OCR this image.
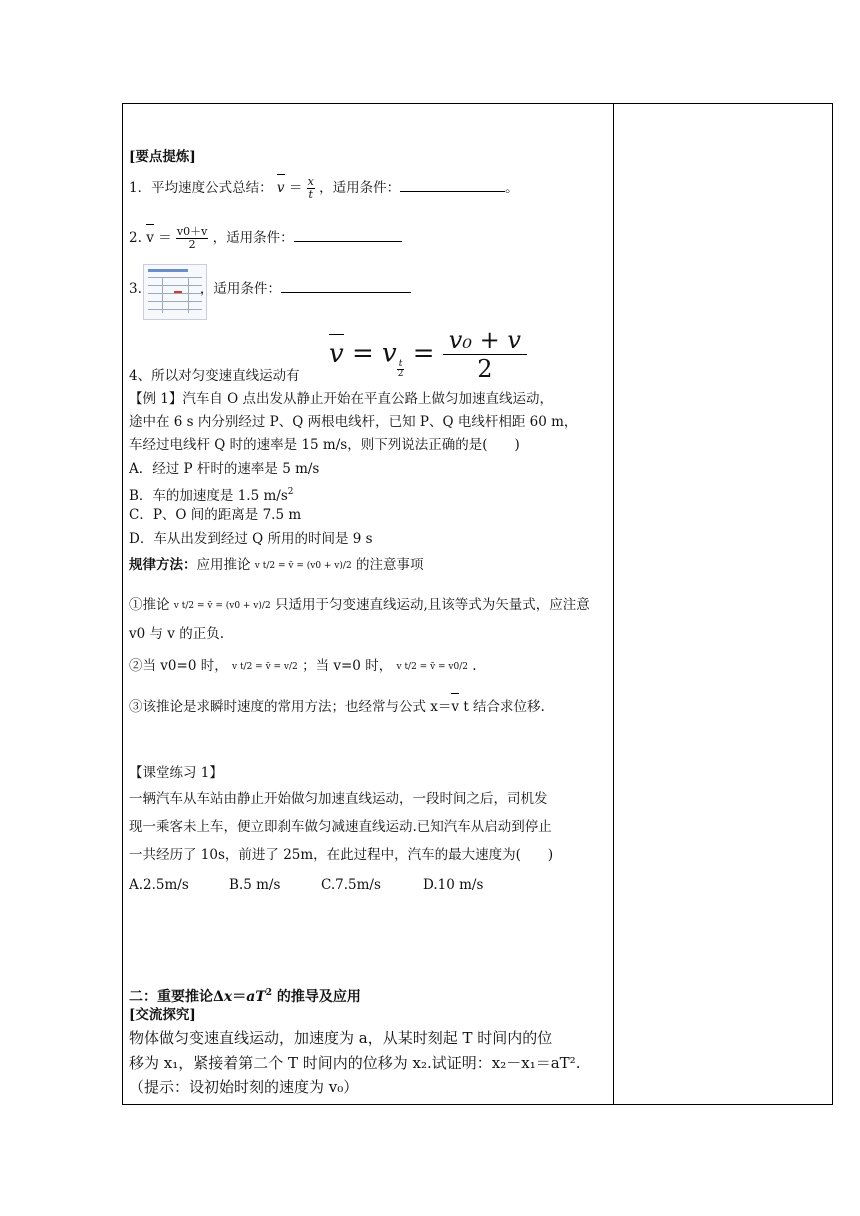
[要点提炼]
1．平均速度公式总结： $v = \frac{x}{t}$ ，适用条件：	。
2. $v = \frac{v0+v}{2}$ ，适用条件：
3.	，适用条件：
v = v
$\frac{t}{2}$
= $\frac{\text{v₀ + v}}{2}$
4、所以对匀变速直线运动有
【例 1】汽车自 O 点出发从静止开始在平直公路上做匀加速直线运动，
途中在 6 s 内分别经过 P、Q 两根电线杆，已知 P、Q 电线杆相距 60 m，
车经过电线杆 Q 时的速率是 15 m/s，则下列说法正确的是(　　)
A．经过 P 杆时的速率是 5 m/s
B．车的加速度是 1.5 $m/s^2$
C．P、O 间的距离是 7.5 m
D．车从出发到经过 Q 所用的时间是 9 s
规律方法：应用推论 v t/2 = v̄ = (v0 + v)/2 的注意事项
①推论 v t/2 = v̄ = (v0 + v)/2 只适用于匀变速直线运动,且该等式为矢量式，应注意
v0 与 v 的正负.
②当 v0=0 时， v t/2 = v̄ = v/2 ；当 v=0 时， v t/2 = v̄ = v0/2 .
③该推论是求瞬时速度的常用方法；也经常与公式 x＝v t 结合求位移.
【课堂练习 1】
一辆汽车从车站由静止开始做匀加速直线运动，一段时间之后，司机发
现一乘客未上车，便立即刹车做匀减速直线运动.已知汽车从启动到停止
一共经历了 10s，前进了 25m，在此过程中，汽车的最大速度为(　　)
A.2.5m/s	B.5 m/s	C.7.5m/s	D.10 m/s
二：重要推论$\Delta x=aT^2$ 的推导及应用
[交流探究]
物体做匀变速直线运动，加速度为 a，从某时刻起 T 时间内的位
移为 x₁，紧接着第二个 T 时间内的位移为 x₂.试证明：x₂－x₁＝aT².
（提示：设初始时刻的速度为 v₀）
